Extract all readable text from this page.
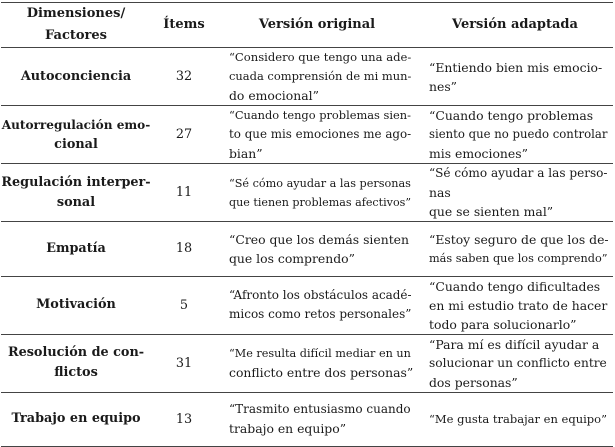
Dimensiones/
Factores	Ítems	Versión original	Versión adaptada

Autoconciencia	32	“Considero que tengo una ade-
cuada comprensión de mi mun-
do emocional”	“Entiendo bien mis emocio-
nes”

Autorregulación emo-
cional	27	“Cuando tengo problemas sien-
to que mis emociones me ago-
bian”	“Cuando tengo problemas
siento que no puedo controlar
mis emociones”

Regulación interper-
sonal	11	“Sé cómo ayudar a las personas
que tienen problemas afectivos”	“Sé cómo ayudar a las perso-
nas
que se sienten mal”

Empatía	18	“Creo que los demás sienten
que los comprendo”	“Estoy seguro de que los de-
más saben que los comprendo”

Motivación	5	“Afronto los obstáculos acadé-
micos como retos personales”	“Cuando tengo dificultades
en mi estudio trato de hacer
todo para solucionarlo”

Resolución de con-
flictos	31	“Me resulta difícil mediar en un
conflicto entre dos personas”	“Para mí es difícil ayudar a
solucionar un conflicto entre
dos personas”

Trabajo en equipo	13	“Trasmito entusiasmo cuando
trabajo en equipo”	“Me gusta trabajar en equipo”
